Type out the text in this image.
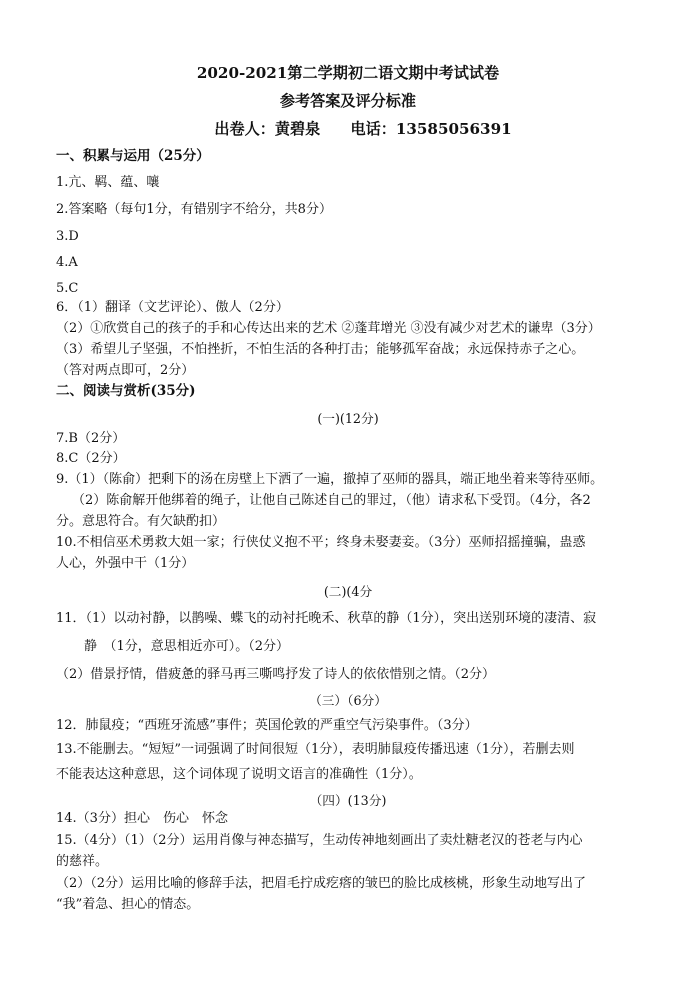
2020-2021第二学期初二语文期中考试试卷
参考答案及评分标准
出卷人：黄碧泉　　电话：13585056391
一、积累与运用（25分）
1.亢、羁、蕴、嚷
2.答案略（每句1分，有错别字不给分，共8分）
3.D
4.A
5.C
6．（1）翻译（文艺评论）、傲人（2分）
（2）①欣赏自己的孩子的手和心传达出来的艺术 ②蓬茸增光 ③没有减少对艺术的谦卑（3分）
（3）希望儿子坚强，不怕挫折，不怕生活的各种打击；能够孤军奋战；永远保持赤子之心。
（答对两点即可，2分）
二、阅读与赏析(35分)
(一)(12分)
7.B（2分）
8.C（2分）
9.（1）（陈俞）把剩下的汤在房壁上下洒了一遍，撤掉了巫师的器具，端正地坐着来等待巫师。
（2）陈俞解开他绑着的绳子，让他自己陈述自己的罪过，（他）请求私下受罚。（4分，各2
分。意思符合。有欠缺酌扣）
10.不相信巫术勇救大姐一家；行侠仗义抱不平；终身未娶妻妾。（3分）巫师招摇撞骗，蛊惑
人心，外强中干（1分）
(二)(4分
11．（1）以动衬静，以鹊噪、蝶飞的动衬托晚禾、秋草的静（1分），突出送别环境的凄清、寂
静　（1分，意思相近亦可）。（2分）
（2）借景抒情，借疲惫的驿马再三嘶鸣抒发了诗人的依依惜别之情。（2分）
（三）（6分）
12．肺鼠疫；“西班牙流感”事件；英国伦敦的严重空气污染事件。（3分）
13.不能删去。“短短”一词强调了时间很短（1分），表明肺鼠疫传播迅速（1分），若删去则
不能表达这种意思，这个词体现了说明文语言的准确性（1分）。
（四）(13分)
14.（3分）担心　伤心　怀念
15.（4分）（1）（2分）运用肖像与神态描写，生动传神地刻画出了卖灶糖老汉的苍老与内心
的慈祥。
（2）（2分）运用比喻的修辞手法，把眉毛拧成疙瘩的皱巴的脸比成核桃，形象生动地写出了
“我”着急、担心的情态。
